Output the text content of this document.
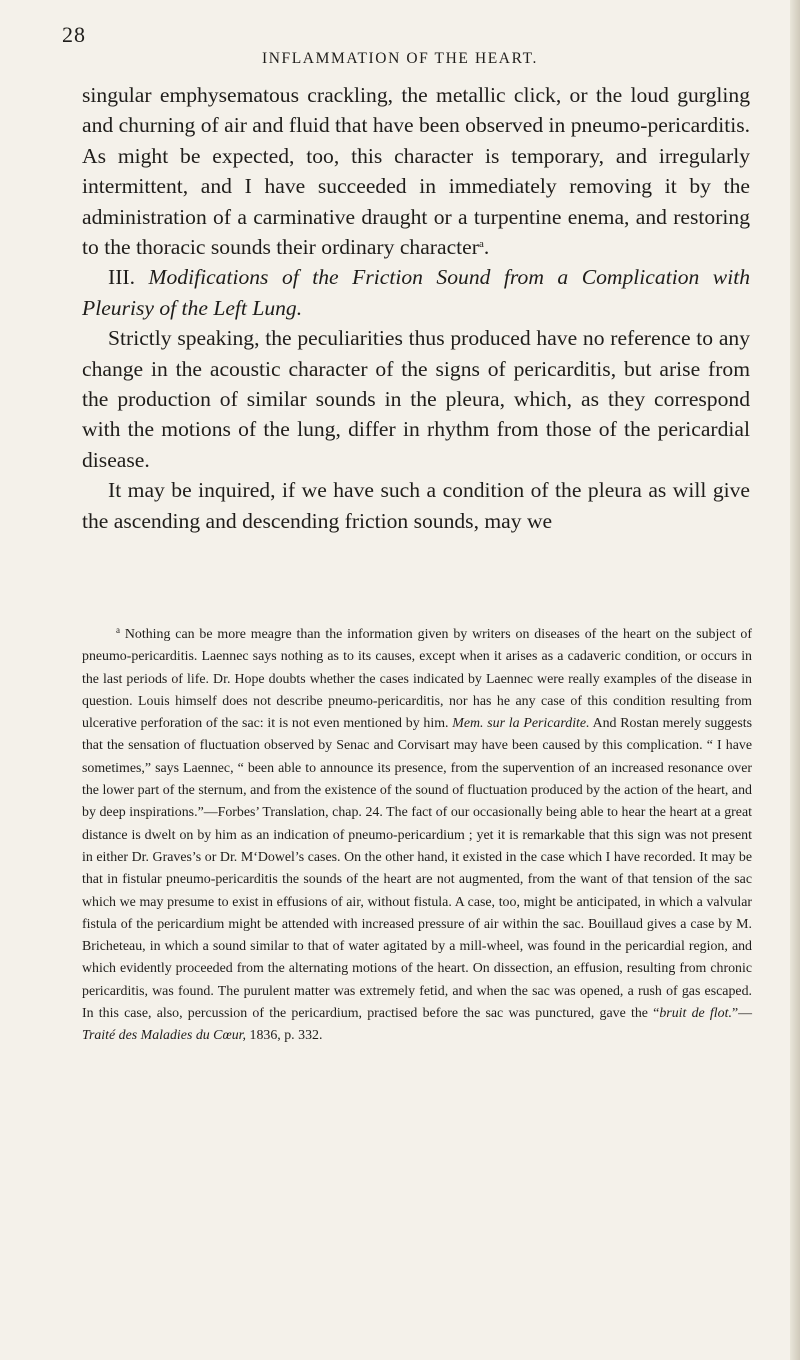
28
INFLAMMATION OF THE HEART.

singular emphysematous crackling, the metallic click, or the loud gurgling and churning of air and fluid that have been observed in pneumo-pericarditis. As might be expected, too, this character is temporary, and irregularly intermittent, and I have succeeded in immediately removing it by the administration of a carminative draught or a turpentine enema, and restoring to the thoracic sounds their ordinary character$^a$.

III. Modifications of the Friction Sound from a Complication with Pleurisy of the Left Lung.

Strictly speaking, the peculiarities thus produced have no reference to any change in the acoustic character of the signs of pericarditis, but arise from the production of similar sounds in the pleura, which, as they correspond with the motions of the lung, differ in rhythm from those of the pericardial disease.

It may be inquired, if we have such a condition of the pleura as will give the ascending and descending friction sounds, may we

$^a$ Nothing can be more meagre than the information given by writers on diseases of the heart on the subject of pneumo-pericarditis. Laennec says nothing as to its causes, except when it arises as a cadaveric condition, or occurs in the last periods of life. Dr. Hope doubts whether the cases indicated by Laennec were really examples of the disease in question. Louis himself does not describe pneumo-pericarditis, nor has he any case of this condition resulting from ulcerative perforation of the sac: it is not even mentioned by him. Mem. sur la Pericardite. And Rostan merely suggests that the sensation of fluctuation observed by Senac and Corvisart may have been caused by this complication. “ I have sometimes,” says Laennec, “ been able to announce its presence, from the supervention of an increased resonance over the lower part of the sternum, and from the existence of the sound of fluctuation produced by the action of the heart, and by deep inspirations.”—Forbes’ Translation, chap. 24. The fact of our occasionally being able to hear the heart at a great distance is dwelt on by him as an indication of pneumo-pericardium ; yet it is remarkable that this sign was not present in either Dr. Graves’s or Dr. M‘Dowel’s cases. On the other hand, it existed in the case which I have recorded. It may be that in fistular pneumo-pericarditis the sounds of the heart are not augmented, from the want of that tension of the sac which we may presume to exist in effusions of air, without fistula. A case, too, might be anticipated, in which a valvular fistula of the pericardium might be attended with increased pressure of air within the sac. Bouillaud gives a case by M. Bricheteau, in which a sound similar to that of water agitated by a mill-wheel, was found in the pericardial region, and which evidently proceeded from the alternating motions of the heart. On dissection, an effusion, resulting from chronic pericarditis, was found. The purulent matter was extremely fetid, and when the sac was opened, a rush of gas escaped. In this case, also, percussion of the pericardium, practised before the sac was punctured, gave the “bruit de flot.”—Traité des Maladies du Cœur, 1836, p. 332.
